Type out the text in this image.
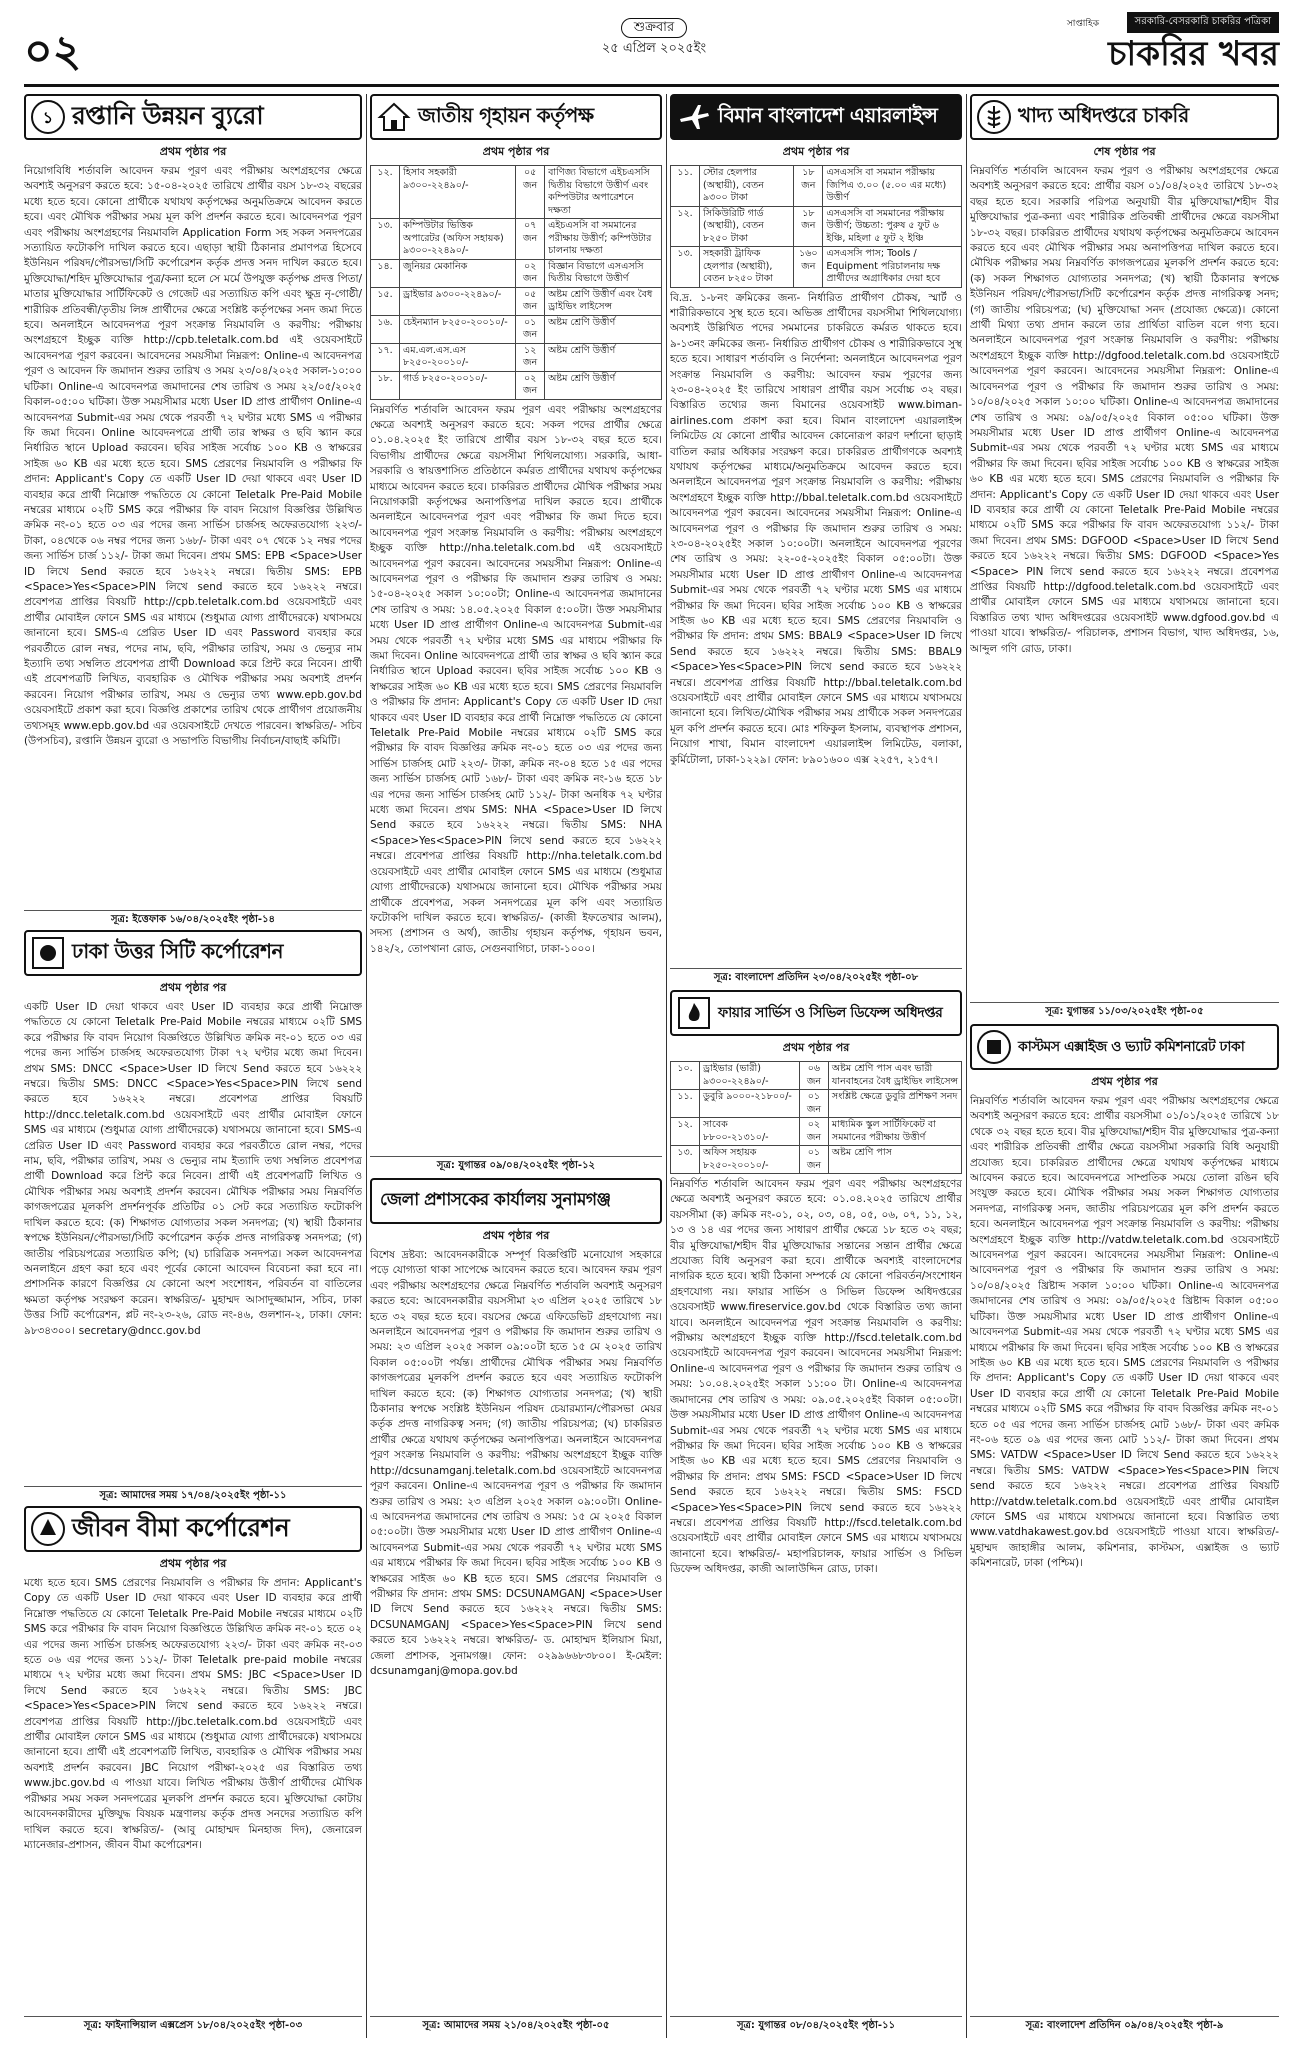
০২	শুক্রবার
২৫ এপ্রিল ২০২৫ইং
সরকারি-বেসরকারি চাকরির পত্রিকা
সাপ্তাহিক
চাকরির খবর
১ রপ্তানি উন্নয়ন ব্যুরো
প্রথম পৃষ্ঠার পর

নিয়োগবিধি শর্তাবলি আবেদন ফরম পূরণ এবং পরীক্ষায় অংশগ্রহণের ক্ষেত্রে অবশ্যই অনুসরণ করতে হবে: ১৫-০৪-২০২৫ তারিখে প্রার্থীর বয়স ১৮-৩২ বছরের মধ্যে হতে হবে। কোনো প্রার্থীকে যথাযথ কর্তৃপক্ষের অনুমতিক্রমে আবেদন করতে হবে। এবং মৌখিক পরীক্ষার সময় মূল কপি প্রদর্শন করতে হবে। আবেদনপত্র পূরণ এবং পরীক্ষায় অংশগ্রহণের নিয়মাবলি Application Form সহ সকল সনদপত্রের সত্যায়িত ফটোকপি দাখিল করতে হবে। এছাড়া স্থায়ী ঠিকানার প্রমাণপত্র হিসেবে ইউনিয়ন পরিষদ/পৌরসভা/সিটি কর্পোরেশন কর্তৃক প্রদত্ত সনদ দাখিল করতে হবে। মুক্তিযোদ্ধা/শহিদ মুক্তিযোদ্ধার পুত্র/কন্যা হলে সে মর্মে উপযুক্ত কর্তৃপক্ষ প্রদত্ত পিতা/মাতার মুক্তিযোদ্ধার সার্টিফিকেট ও গেজেট এর সত্যায়িত কপি এবং ক্ষুদ্র নৃ-গোষ্ঠী/শারীরিক প্রতিবন্ধী/তৃতীয় লিঙ্গ প্রার্থীদের ক্ষেত্রে সংশ্লিষ্ট কর্তৃপক্ষের সনদ জমা দিতে হবে। অনলাইনে আবেদনপত্র পূরণ সংক্রান্ত নিয়মাবলি ও করণীয়: পরীক্ষায় অংশগ্রহণে ইচ্ছুক ব্যক্তি http://cpb.teletalk.com.bd এই ওয়েবসাইটে আবেদনপত্র পূরণ করবেন। আবেদনের সময়সীমা নিম্নরূপ: Online-এ আবেদনপত্র পূরণ ও আবেদন ফি জমাদান শুরুর তারিখ ও সময় ২৩/০৪/২০২৫ সকাল-১০:০০ ঘটিকা। Online-এ আবেদনপত্র জমাদানের শেষ তারিখ ও সময় ২২/০৫/২০২৫ বিকাল-০৫:০০ ঘটিকা। উক্ত সময়সীমার মধ্যে User ID প্রাপ্ত প্রার্থীগণ Online-এ আবেদনপত্র Submit-এর সময় থেকে পরবর্তী ৭২ ঘণ্টার মধ্যে SMS এ পরীক্ষার ফি জমা দিবেন। Online আবেদনপত্রে প্রার্থী তার স্বাক্ষর ও ছবি স্ক্যান করে নির্ধারিত স্থানে Upload করবেন। ছবির সাইজ সর্বোচ্চ ১০০ KB ও স্বাক্ষরের সাইজ ৬০ KB এর মধ্যে হতে হবে। SMS প্রেরণের নিয়মাবলি ও পরীক্ষার ফি প্রদান: Applicant's Copy তে একটি User ID দেয়া থাকবে এবং User ID ব্যবহার করে প্রার্থী নিম্নোক্ত পদ্ধতিতে যে কোনো Teletalk Pre-Paid Mobile নম্বরের মাধ্যমে ০২টি SMS করে পরীক্ষার ফি বাবদ নিয়োগ বিজ্ঞপ্তির উল্লিখিত ক্রমিক নং-০১ হতে ০৩ এর পদের জন্য সার্ভিস চার্জসহ অফেরতযোগ্য ২২৩/- টাকা, ০৪থেকে ০৬ নম্বর পদের জন্য ১৬৮/- টাকা এবং ০৭ থেকে ১২ নম্বর পদের জন্য সার্ভিস চার্জ ১১২/- টাকা জমা দিবেন। প্রথম SMS: EPB <Space>User ID লিখে Send করতে হবে ১৬২২২ নম্বরে। দ্বিতীয় SMS: EPB <Space>Yes<Space>PIN লিখে send করতে হবে ১৬২২২ নম্বরে। প্রবেশপত্র প্রাপ্তির বিষয়টি http://cpb.teletalk.com.bd ওয়েবসাইটে এবং প্রার্থীর মোবাইল ফোনে SMS এর মাধ্যমে (শুধুমাত্র যোগ্য প্রার্থীদেরকে) যথাসময়ে জানানো হবে। SMS-এ প্রেরিত User ID এবং Password ব্যবহার করে পরবর্তীতে রোল নম্বর, পদের নাম, ছবি, পরীক্ষার তারিখ, সময় ও ভেন্যুর নাম ইত্যাদি তথ্য সম্বলিত প্রবেশপত্র প্রার্থী Download করে প্রিন্ট করে নিবেন। প্রার্থী এই প্রবেশপত্রটি লিখিত, ব্যবহারিক ও মৌখিক পরীক্ষার সময় অবশ্যই প্রদর্শন করবেন। নিয়োগ পরীক্ষার তারিখ, সময় ও ভেন্যুর তথ্য www.epb.gov.bd ওয়েবসাইটে প্রকাশ করা হবে। বিজ্ঞপ্তি প্রকাশের তারিখ থেকে প্রার্থীগণ প্রয়োজনীয় তথ্যসমূহ www.epb.gov.bd এর ওয়েবসাইটে দেখতে পারবেন। স্বাক্ষরিত/- সচিব (উপসচিব), রপ্তানি উন্নয়ন ব্যুরো ও সভাপতি বিভাগীয় নির্বাচন/বাছাই কমিটি।

সূত্র: ইত্তেফাক ১৬/০৪/২০২৫ইং পৃষ্ঠা-১৪
ঢাকা উত্তর সিটি কর্পোরেশন
প্রথম পৃষ্ঠার পর

একটি User ID দেয়া থাকবে এবং User ID ব্যবহার করে প্রার্থী নিম্নোক্ত পদ্ধতিতে যে কোনো Teletalk Pre-Paid Mobile নম্বরের মাধ্যমে ০২টি SMS করে পরীক্ষার ফি বাবদ নিয়োগ বিজ্ঞপ্তিতে উল্লিখিত ক্রমিক নং-০১ হতে ০৩ এর পদের জন্য সার্ভিস চার্জসহ অফেরতযোগ্য টাকা ৭২ ঘণ্টার মধ্যে জমা দিবেন। প্রথম SMS: DNCC <Space>User ID লিখে Send করতে হবে ১৬২২২ নম্বরে। দ্বিতীয় SMS: DNCC <Space>Yes<Space>PIN লিখে send করতে হবে ১৬২২২ নম্বরে। প্রবেশপত্র প্রাপ্তির বিষয়টি http://dncc.teletalk.com.bd ওয়েবসাইটে এবং প্রার্থীর মোবাইল ফোনে SMS এর মাধ্যমে (শুধুমাত্র যোগ্য প্রার্থীদেরকে) যথাসময়ে জানানো হবে। SMS-এ প্রেরিত User ID এবং Password ব্যবহার করে পরবর্তীতে রোল নম্বর, পদের নাম, ছবি, পরীক্ষার তারিখ, সময় ও ভেন্যুর নাম ইত্যাদি তথ্য সম্বলিত প্রবেশপত্র প্রার্থী Download করে প্রিন্ট করে নিবেন। প্রার্থী এই প্রবেশপত্রটি লিখিত ও মৌখিক পরীক্ষার সময় অবশ্যই প্রদর্শন করবেন। মৌখিক পরীক্ষার সময় নিম্নবর্ণিত কাগজপত্রের মূলকপি প্রদর্শনপূর্বক প্রতিটির ০১ সেট করে সত্যায়িত ফটোকপি দাখিল করতে হবে: (ক) শিক্ষাগত যোগ্যতার সকল সনদপত্র; (খ) স্থায়ী ঠিকানার স্বপক্ষে ইউনিয়ন/পৌরসভা/সিটি কর্পোরেশন কর্তৃক প্রদত্ত নাগরিকত্ব সনদপত্র; (গ) জাতীয় পরিচয়পত্রের সত্যায়িত কপি; (ঘ) চারিত্রিক সনদপত্র। সকল আবেদনপত্র অনলাইনে গ্রহণ করা হবে এবং পূর্বের কোনো আবেদন বিবেচনা করা হবে না। প্রশাসনিক কারণে বিজ্ঞপ্তির যে কোনো অংশ সংশোধন, পরিবর্তন বা বাতিলের ক্ষমতা কর্তৃপক্ষ সংরক্ষণ করেন। স্বাক্ষরিত/- মুহাম্মদ আসাদুজ্জামান, সচিব, ঢাকা উত্তর সিটি কর্পোরেশন, প্লট নং-২৩-২৬, রোড নং-৪৬, গুলশান-২, ঢাকা। ফোন: ৯৮৩৪৩০০। secretary@dncc.gov.bd

সূত্র: আমাদের সময় ১৭/০৪/২০২৫ইং পৃষ্ঠা-১১
জীবন বীমা কর্পোরেশন
প্রথম পৃষ্ঠার পর

মধ্যে হতে হবে। SMS প্রেরণের নিয়মাবলি ও পরীক্ষার ফি প্রদান: Applicant's Copy তে একটি User ID দেয়া থাকবে এবং User ID ব্যবহার করে প্রার্থী নিম্নোক্ত পদ্ধতিতে যে কোনো Teletalk Pre-Paid Mobile নম্বরের মাধ্যমে ০২টি SMS করে পরীক্ষার ফি বাবদ নিয়োগ বিজ্ঞপ্তিতে উল্লিখিত ক্রমিক নং-০১ হতে ০২ এর পদের জন্য সার্ভিস চার্জসহ অফেরতযোগ্য ২২৩/- টাকা এবং ক্রমিক নং-০৩ হতে ০৬ এর পদের জন্য ১১২/- টাকা Teletalk pre-paid mobile নম্বরের মাধ্যমে ৭২ ঘণ্টার মধ্যে জমা দিবেন। প্রথম SMS: JBC <Space>User ID লিখে Send করতে হবে ১৬২২২ নম্বরে। দ্বিতীয় SMS: JBC <Space>Yes<Space>PIN লিখে send করতে হবে ১৬২২২ নম্বরে। প্রবেশপত্র প্রাপ্তির বিষয়টি http://jbc.teletalk.com.bd ওয়েবসাইটে এবং প্রার্থীর মোবাইল ফোনে SMS এর মাধ্যমে (শুধুমাত্র যোগ্য প্রার্থীদেরকে) যথাসময়ে জানানো হবে। প্রার্থী এই প্রবেশপত্রটি লিখিত, ব্যবহারিক ও মৌখিক পরীক্ষার সময় অবশ্যই প্রদর্শন করবেন। JBC নিয়োগ পরীক্ষা-২০২৫ এর বিস্তারিত তথ্য www.jbc.gov.bd এ পাওয়া যাবে। লিখিত পরীক্ষায় উত্তীর্ণ প্রার্থীদের মৌখিক পরীক্ষার সময় সকল সনদপত্রের মূলকপি প্রদর্শন করতে হবে। মুক্তিযোদ্ধা কোটায় আবেদনকারীদের মুক্তিযুদ্ধ বিষয়ক মন্ত্রণালয় কর্তৃক প্রদত্ত সনদের সত্যায়িত কপি দাখিল করতে হবে। স্বাক্ষরিত/- (আবু মোহাম্মদ মিনহাজ দিদ), জেনারেল ম্যানেজার-প্রশাসন, জীবন বীমা কর্পোরেশন।

সূত্র: ফাইনান্সিয়াল এক্সপ্রেস ১৮/০৪/২০২৫ইং পৃষ্ঠা-০৩
জাতীয় গৃহায়ন কর্তৃপক্ষ
প্রথম পৃষ্ঠার পর
১২.	হিসাব সহকারী ৯৩০০-২২৪৯০/-	০৫ জন	বাণিজ্য বিভাগে এইচএসসি দ্বিতীয় বিভাগে উত্তীর্ণ এবং কম্পিউটার অপারেশনে দক্ষতা
১৩.	কম্পিউটার ভিত্তিক অপারেটর (অফিস সহায়ক) ৯৩০০-২২৪৯০/-	০৭ জন	এইচএসসি বা সমমানের পরীক্ষায় উত্তীর্ণ; কম্পিউটার চালনায় দক্ষতা
১৪.	জুনিয়র মেকানিক	০২ জন	বিজ্ঞান বিভাগে এসএসসি দ্বিতীয় বিভাগে উত্তীর্ণ
১৫.	ড্রাইভার ৯৩০০-২২৪৯০/-	০৫ জন	অষ্টম শ্রেণি উত্তীর্ণ এবং বৈধ ড্রাইভিং লাইসেন্স
১৬.	চেইনম্যান ৮২৫০-২০০১০/-	০১ জন	অষ্টম শ্রেণি উত্তীর্ণ
১৭.	এম.এল.এস.এস ৮২৫০-২০০১০/-	১২ জন	অষ্টম শ্রেণি উত্তীর্ণ
১৮.	গার্ড ৮২৫০-২০০১০/-	০২ জন	অষ্টম শ্রেণি উত্তীর্ণ

নিম্নবর্ণিত শর্তাবলি আবেদন ফরম পূরণ এবং পরীক্ষায় অংশগ্রহণের ক্ষেত্রে অবশ্যই অনুসরণ করতে হবে: সকল পদের প্রার্থীর ক্ষেত্রে ০১.০৪.২০২৫ ইং তারিখে প্রার্থীর বয়স ১৮-৩২ বছর হতে হবে। বিভাগীয় প্রার্থীদের ক্ষেত্রে বয়সসীমা শিথিলযোগ্য। সরকারি, আধা-সরকারি ও স্বায়ত্তশাসিত প্রতিষ্ঠানে কর্মরত প্রার্থীদের যথাযথ কর্তৃপক্ষের মাধ্যমে আবেদন করতে হবে। চাকরিরত প্রার্থীদের মৌখিক পরীক্ষার সময় নিয়োগকারী কর্তৃপক্ষের অনাপত্তিপত্র দাখিল করতে হবে। প্রার্থীকে অনলাইনে আবেদনপত্র পূরণ এবং পরীক্ষার ফি জমা দিতে হবে। আবেদনপত্র পূরণ সংক্রান্ত নিয়মাবলি ও করণীয়: পরীক্ষায় অংশগ্রহণে ইচ্ছুক ব্যক্তি http://nha.teletalk.com.bd এই ওয়েবসাইটে আবেদনপত্র পূরণ করবেন। আবেদনের সময়সীমা নিম্নরূপ: Online-এ আবেদনপত্র পূরণ ও পরীক্ষার ফি জমাদান শুরুর তারিখ ও সময়: ১৫-০৪-২০২৫ সকাল ১০:০০টা; Online-এ আবেদনপত্র জমাদানের শেষ তারিখ ও সময়: ১৪.০৫.২০২৫ বিকাল ৫:০০টা। উক্ত সময়সীমার মধ্যে User ID প্রাপ্ত প্রার্থীগণ Online-এ আবেদনপত্র Submit-এর সময় থেকে পরবর্তী ৭২ ঘণ্টার মধ্যে SMS এর মাধ্যমে পরীক্ষার ফি জমা দিবেন। Online আবেদনপত্রে প্রার্থী তার স্বাক্ষর ও ছবি স্ক্যান করে নির্ধারিত স্থানে Upload করবেন। ছবির সাইজ সর্বোচ্চ ১০০ KB ও স্বাক্ষরের সাইজ ৬০ KB এর মধ্যে হতে হবে। SMS প্রেরণের নিয়মাবলি ও পরীক্ষার ফি প্রদান: Applicant's Copy তে একটি User ID দেয়া থাকবে এবং User ID ব্যবহার করে প্রার্থী নিম্নোক্ত পদ্ধতিতে যে কোনো Teletalk Pre-Paid Mobile নম্বরের মাধ্যমে ০২টি SMS করে পরীক্ষার ফি বাবদ বিজ্ঞপ্তির ক্রমিক নং-০১ হতে ০৩ এর পদের জন্য সার্ভিস চার্জসহ মোট ২২৩/- টাকা, ক্রমিক নং-০৪ হতে ১৫ এর পদের জন্য সার্ভিস চার্জসহ মোট ১৬৮/- টাকা এবং ক্রমিক নং-১৬ হতে ১৮ এর পদের জন্য সার্ভিস চার্জসহ মোট ১১২/- টাকা অনধিক ৭২ ঘণ্টার মধ্যে জমা দিবেন। প্রথম SMS: NHA <Space>User ID লিখে Send করতে হবে ১৬২২২ নম্বরে। দ্বিতীয় SMS: NHA <Space>Yes<Space>PIN লিখে send করতে হবে ১৬২২২ নম্বরে। প্রবেশপত্র প্রাপ্তির বিষয়টি http://nha.teletalk.com.bd ওয়েবসাইটে এবং প্রার্থীর মোবাইল ফোনে SMS এর মাধ্যমে (শুধুমাত্র যোগ্য প্রার্থীদেরকে) যথাসময়ে জানানো হবে। মৌখিক পরীক্ষার সময় প্রার্থীকে প্রবেশপত্র, সকল সনদপত্রের মূল কপি এবং সত্যায়িত ফটোকপি দাখিল করতে হবে। স্বাক্ষরিত/- (কাজী ইফতেখার আলম), সদস্য (প্রশাসন ও অর্থ), জাতীয় গৃহায়ন কর্তৃপক্ষ, গৃহায়ন ভবন, ১৪২/২, তোপখানা রোড, সেগুনবাগিচা, ঢাকা-১০০০।

সূত্র: যুগান্তর ০৯/০৪/২০২৫ইং পৃষ্ঠা-১২
জেলা প্রশাসকের কার্যালয় সুনামগঞ্জ
প্রথম পৃষ্ঠার পর

বিশেষ দ্রষ্টব্য: আবেদনকারীকে সম্পূর্ণ বিজ্ঞপ্তিটি মনোযোগ সহকারে পড়ে যোগ্যতা থাকা সাপেক্ষে আবেদন করতে হবে। আবেদন ফরম পূরণ এবং পরীক্ষায় অংশগ্রহণের ক্ষেত্রে নিম্নবর্ণিত শর্তাবলি অবশ্যই অনুসরণ করতে হবে: আবেদনকারীর বয়সসীমা ২৩ এপ্রিল ২০২৫ তারিখে ১৮ হতে ৩২ বছর হতে হবে। বয়সের ক্ষেত্রে এফিডেভিট গ্রহণযোগ্য নয়। অনলাইনে আবেদনপত্র পূরণ ও পরীক্ষার ফি জমাদান শুরুর তারিখ ও সময়: ২৩ এপ্রিল ২০২৫ সকাল ০৯:০০টা হতে ১৫ মে ২০২৫ তারিখ বিকাল ০৫:০০টা পর্যন্ত। প্রার্থীদের মৌখিক পরীক্ষার সময় নিম্নবর্ণিত কাগজপত্রের মূলকপি প্রদর্শন করতে হবে এবং সত্যায়িত ফটোকপি দাখিল করতে হবে: (ক) শিক্ষাগত যোগ্যতার সনদপত্র; (খ) স্থায়ী ঠিকানার স্বপক্ষে সংশ্লিষ্ট ইউনিয়ন পরিষদ চেয়ারম্যান/পৌরসভা মেয়র কর্তৃক প্রদত্ত নাগরিকত্ব সনদ; (গ) জাতীয় পরিচয়পত্র; (ঘ) চাকরিরত প্রার্থীর ক্ষেত্রে যথাযথ কর্তৃপক্ষের অনাপত্তিপত্র। অনলাইনে আবেদনপত্র পূরণ সংক্রান্ত নিয়মাবলি ও করণীয়: পরীক্ষায় অংশগ্রহণে ইচ্ছুক ব্যক্তি http://dcsunamganj.teletalk.com.bd ওয়েবসাইটে আবেদনপত্র পূরণ করবেন। Online-এ আবেদনপত্র পূরণ ও পরীক্ষার ফি জমাদান শুরুর তারিখ ও সময়: ২৩ এপ্রিল ২০২৫ সকাল ০৯:০০টা। Online-এ আবেদনপত্র জমাদানের শেষ তারিখ ও সময়: ১৫ মে ২০২৫ বিকাল ০৫:০০টা। উক্ত সময়সীমার মধ্যে User ID প্রাপ্ত প্রার্থীগণ Online-এ আবেদনপত্র Submit-এর সময় থেকে পরবর্তী ৭২ ঘণ্টার মধ্যে SMS এর মাধ্যমে পরীক্ষার ফি জমা দিবেন। ছবির সাইজ সর্বোচ্চ ১০০ KB ও স্বাক্ষরের সাইজ ৬০ KB হতে হবে। SMS প্রেরণের নিয়মাবলি ও পরীক্ষার ফি প্রদান: প্রথম SMS: DCSUNAMGANJ <Space>User ID লিখে Send করতে হবে ১৬২২২ নম্বরে। দ্বিতীয় SMS: DCSUNAMGANJ <Space>Yes<Space>PIN লিখে send করতে হবে ১৬২২২ নম্বরে। স্বাক্ষরিত/- ড. মোহাম্মদ ইলিয়াস মিয়া, জেলা প্রশাসক, সুনামগঞ্জ। ফোন: ০২৯৯৬৬৮৩৮০০। ই-মেইল: dcsunamganj@mopa.gov.bd

সূত্র: আমাদের সময় ২১/০৪/২০২৫ইং পৃষ্ঠা-০৫
বিমান বাংলাদেশ এয়ারলাইন্স
প্রথম পৃষ্ঠার পর
১১.	স্টোর হেলপার (অস্থায়ী), বেতন ৯৩০০ টাকা	১৮ জন	এসএসসি বা সমমান পরীক্ষায় জিপিএ ৩.০০ (৫.০০ এর মধ্যে) উত্তীর্ণ
১২.	সিকিউরিটি গার্ড (অস্থায়ী), বেতন ৮২৫০ টাকা	১৮ জন	এসএসসি বা সমমানের পরীক্ষায় উত্তীর্ণ; উচ্চতা: পুরুষ ৫ ফুট ৬ ইঞ্চি, মহিলা ৫ ফুট ২ ইঞ্চি
১৩.	সহকারী ট্রাফিক হেলপার (অস্থায়ী), বেতন ৮২৫০ টাকা	১৬০ জন	এসএসসি পাস; Tools / Equipment পরিচালনায় দক্ষ প্রার্থীদের অগ্রাধিকার দেয়া হবে

বি.দ্র. ১-৮নং ক্রমিকের জন্য- নির্ধারিত প্রার্থীগণ চৌকষ, স্মার্ট ও শারীরিকভাবে সুস্থ হতে হবে। অভিজ্ঞ প্রার্থীদের বয়সসীমা শিথিলযোগ্য। অবশ্যই উল্লিখিত পদের সমমানের চাকরিতে কর্মরত থাকতে হবে। ৯-১৩নং ক্রমিকের জন্য- নির্ধারিত প্রার্থীগণ চৌকষ ও শারীরিকভাবে সুস্থ হতে হবে। সাধারণ শর্তাবলি ও নির্দেশনা: অনলাইনে আবেদনপত্র পূরণ সংক্রান্ত নিয়মাবলি ও করণীয়: আবেদন ফরম পূরণের জন্য ২৩-০৪-২০২৫ ইং তারিখে সাধারণ প্রার্থীর বয়স সর্বোচ্চ ৩২ বছর। বিস্তারিত তথ্যের জন্য বিমানের ওয়েবসাইট www.biman-airlines.com প্রকাশ করা হবে। বিমান বাংলাদেশ এয়ারলাইন্স লিমিটেড যে কোনো প্রার্থীর আবেদন কোনোরূপ কারণ দর্শানো ছাড়াই বাতিল করার অধিকার সংরক্ষণ করে। চাকরিরত প্রার্থীগণকে অবশ্যই যথাযথ কর্তৃপক্ষের মাধ্যমে/অনুমতিক্রমে আবেদন করতে হবে। অনলাইনে আবেদনপত্র পূরণ সংক্রান্ত নিয়মাবলি ও করণীয়: পরীক্ষায় অংশগ্রহণে ইচ্ছুক ব্যক্তি http://bbal.teletalk.com.bd ওয়েবসাইটে আবেদনপত্র পূরণ করবেন। আবেদনের সময়সীমা নিম্নরূপ: Online-এ আবেদনপত্র পূরণ ও পরীক্ষার ফি জমাদান শুরুর তারিখ ও সময়: ২৩-০৪-২০২৫ইং সকাল ১০:০০টা। অনলাইনে আবেদনপত্র পূরণের শেষ তারিখ ও সময়: ২২-০৫-২০২৫ইং বিকাল ০৫:০০টা। উক্ত সময়সীমার মধ্যে User ID প্রাপ্ত প্রার্থীগণ Online-এ আবেদনপত্র Submit-এর সময় থেকে পরবর্তী ৭২ ঘণ্টার মধ্যে SMS এর মাধ্যমে পরীক্ষার ফি জমা দিবেন। ছবির সাইজ সর্বোচ্চ ১০০ KB ও স্বাক্ষরের সাইজ ৬০ KB এর মধ্যে হতে হবে। SMS প্রেরণের নিয়মাবলি ও পরীক্ষার ফি প্রদান: প্রথম SMS: BBAL9 <Space>User ID লিখে Send করতে হবে ১৬২২২ নম্বরে। দ্বিতীয় SMS: BBAL9 <Space>Yes<Space>PIN লিখে send করতে হবে ১৬২২২ নম্বরে। প্রবেশপত্র প্রাপ্তির বিষয়টি http://bbal.teletalk.com.bd ওয়েবসাইটে এবং প্রার্থীর মোবাইল ফোনে SMS এর মাধ্যমে যথাসময়ে জানানো হবে। লিখিত/মৌখিক পরীক্ষার সময় প্রার্থীকে সকল সনদপত্রের মূল কপি প্রদর্শন করতে হবে। মোঃ শফিকুল ইসলাম, ব্যবস্থাপক প্রশাসন, নিয়োগ শাখা, বিমান বাংলাদেশ এয়ারলাইন্স লিমিটেড, বলাকা, কুর্মিটোলা, ঢাকা-১২২৯। ফোন: ৮৯০১৬০০ এক্স ২২৫৭, ২১৫৭।

সূত্র: বাংলাদেশ প্রতিদিন ২৩/০৪/২০২৫ইং পৃষ্ঠা-০৮
ফায়ার সার্ভিস ও সিভিল ডিফেন্স অধিদপ্তর
প্রথম পৃষ্ঠার পর
১০.	ড্রাইভার (ভারী) ৯৩০০-২২৪৯০/-	০৬ জন	অষ্টম শ্রেণি পাস এবং ভারী যানবাহনের বৈধ ড্রাইভিং লাইসেন্স
১১.	ডুবুরি ৯০০০-২১৮০০/-	০১ জন	সংশ্লিষ্ট ক্ষেত্রে ডুবুরি প্রশিক্ষণ সনদ
১২.	সাবেক ৮৮০০-২১৩১০/-	০২ জন	মাধ্যমিক স্কুল সার্টিফিকেট বা সমমানের পরীক্ষায় উত্তীর্ণ
১৩.	অফিস সহায়ক ৮২৫০-২০০১০/-	০১ জন	অষ্টম শ্রেণি পাস

নিম্নবর্ণিত শর্তাবলি আবেদন ফরম পূরণ এবং পরীক্ষায় অংশগ্রহণের ক্ষেত্রে অবশ্যই অনুসরণ করতে হবে: ০১.০৪.২০২৫ তারিখে প্রার্থীর বয়সসীমা (ক) ক্রমিক নং-০১, ০২, ০৩, ০৪, ০৫, ০৬, ০৭, ১১, ১২, ১৩ ও ১৪ এর পদের জন্য সাধারণ প্রার্থীর ক্ষেত্রে ১৮ হতে ৩২ বছর; বীর মুক্তিযোদ্ধা/শহীদ বীর মুক্তিযোদ্ধার সন্তানের সন্তান প্রার্থীর ক্ষেত্রে প্রযোজ্য বিধি অনুসরণ করা হবে। প্রার্থীকে অবশ্যই বাংলাদেশের নাগরিক হতে হবে। স্থায়ী ঠিকানা সম্পর্কে যে কোনো পরিবর্তন/সংশোধন গ্রহণযোগ্য নয়। ফায়ার সার্ভিস ও সিভিল ডিফেন্স অধিদপ্তরের ওয়েবসাইট www.fireservice.gov.bd থেকে বিস্তারিত তথ্য জানা যাবে। অনলাইনে আবেদনপত্র পূরণ সংক্রান্ত নিয়মাবলি ও করণীয়: পরীক্ষায় অংশগ্রহণে ইচ্ছুক ব্যক্তি http://fscd.teletalk.com.bd ওয়েবসাইটে আবেদনপত্র পূরণ করবেন। আবেদনের সময়সীমা নিম্নরূপ: Online-এ আবেদনপত্র পূরণ ও পরীক্ষার ফি জমাদান শুরুর তারিখ ও সময়: ১০.০৪.২০২৫ইং সকাল ১১:০০ টা। Online-এ আবেদনপত্র জমাদানের শেষ তারিখ ও সময়: ০৯.০৫.২০২৫ইং বিকাল ০৫:০০টা। উক্ত সময়সীমার মধ্যে User ID প্রাপ্ত প্রার্থীগণ Online-এ আবেদনপত্র Submit-এর সময় থেকে পরবর্তী ৭২ ঘণ্টার মধ্যে SMS এর মাধ্যমে পরীক্ষার ফি জমা দিবেন। ছবির সাইজ সর্বোচ্চ ১০০ KB ও স্বাক্ষরের সাইজ ৬০ KB এর মধ্যে হতে হবে। SMS প্রেরণের নিয়মাবলি ও পরীক্ষার ফি প্রদান: প্রথম SMS: FSCD <Space>User ID লিখে Send করতে হবে ১৬২২২ নম্বরে। দ্বিতীয় SMS: FSCD <Space>Yes<Space>PIN লিখে send করতে হবে ১৬২২২ নম্বরে। প্রবেশপত্র প্রাপ্তির বিষয়টি http://fscd.teletalk.com.bd ওয়েবসাইটে এবং প্রার্থীর মোবাইল ফোনে SMS এর মাধ্যমে যথাসময়ে জানানো হবে। স্বাক্ষরিত/- মহাপরিচালক, ফায়ার সার্ভিস ও সিভিল ডিফেন্স অধিদপ্তর, কাজী আলাউদ্দিন রোড, ঢাকা।

সূত্র: যুগান্তর ০৮/০৪/২০২৫ইং পৃষ্ঠা-১১
খাদ্য অধিদপ্তরে চাকরি
শেষ পৃষ্ঠার পর

নিম্নবর্ণিত শর্তাবলি আবেদন ফরম পূরণ ও পরীক্ষায় অংশগ্রহণের ক্ষেত্রে অবশ্যই অনুসরণ করতে হবে: প্রার্থীর বয়স ০১/০৪/২০২৫ তারিখে ১৮-৩২ বছর হতে হবে। সরকারি পরিপত্র অনুযায়ী বীর মুক্তিযোদ্ধা/শহীদ বীর মুক্তিযোদ্ধার পুত্র-কন্যা এবং শারীরিক প্রতিবন্ধী প্রার্থীদের ক্ষেত্রে বয়সসীমা ১৮-৩২ বছর। চাকরিরত প্রার্থীদের যথাযথ কর্তৃপক্ষের অনুমতিক্রমে আবেদন করতে হবে এবং মৌখিক পরীক্ষার সময় অনাপত্তিপত্র দাখিল করতে হবে। মৌখিক পরীক্ষার সময় নিম্নবর্ণিত কাগজপত্রের মূলকপি প্রদর্শন করতে হবে: (ক) সকল শিক্ষাগত যোগ্যতার সনদপত্র; (খ) স্থায়ী ঠিকানার স্বপক্ষে ইউনিয়ন পরিষদ/পৌরসভা/সিটি কর্পোরেশন কর্তৃক প্রদত্ত নাগরিকত্ব সনদ; (গ) জাতীয় পরিচয়পত্র; (ঘ) মুক্তিযোদ্ধা সনদ (প্রযোজ্য ক্ষেত্রে)। কোনো প্রার্থী মিথ্যা তথ্য প্রদান করলে তার প্রার্থিতা বাতিল বলে গণ্য হবে। অনলাইনে আবেদনপত্র পূরণ সংক্রান্ত নিয়মাবলি ও করণীয়: পরীক্ষায় অংশগ্রহণে ইচ্ছুক ব্যক্তি http://dgfood.teletalk.com.bd ওয়েবসাইটে আবেদনপত্র পূরণ করবেন। আবেদনের সময়সীমা নিম্নরূপ: Online-এ আবেদনপত্র পূরণ ও পরীক্ষার ফি জমাদান শুরুর তারিখ ও সময়: ১০/০৪/২০২৫ সকাল ১০:০০ ঘটিকা। Online-এ আবেদনপত্র জমাদানের শেষ তারিখ ও সময়: ০৯/০৫/২০২৫ বিকাল ০৫:০০ ঘটিকা। উক্ত সময়সীমার মধ্যে User ID প্রাপ্ত প্রার্থীগণ Online-এ আবেদনপত্র Submit-এর সময় থেকে পরবর্তী ৭২ ঘণ্টার মধ্যে SMS এর মাধ্যমে পরীক্ষার ফি জমা দিবেন। ছবির সাইজ সর্বোচ্চ ১০০ KB ও স্বাক্ষরের সাইজ ৬০ KB এর মধ্যে হতে হবে। SMS প্রেরণের নিয়মাবলি ও পরীক্ষার ফি প্রদান: Applicant's Copy তে একটি User ID দেয়া থাকবে এবং User ID ব্যবহার করে প্রার্থী যে কোনো Teletalk Pre-Paid Mobile নম্বরের মাধ্যমে ০২টি SMS করে পরীক্ষার ফি বাবদ অফেরতযোগ্য ১১২/- টাকা জমা দিবেন। প্রথম SMS: DGFOOD <Space>User ID লিখে Send করতে হবে ১৬২২২ নম্বরে। দ্বিতীয় SMS: DGFOOD <Space>Yes <Space> PIN লিখে send করতে হবে ১৬২২২ নম্বরে। প্রবেশপত্র প্রাপ্তির বিষয়টি http://dgfood.teletalk.com.bd ওয়েবসাইটে এবং প্রার্থীর মোবাইল ফোনে SMS এর মাধ্যমে যথাসময়ে জানানো হবে। বিস্তারিত তথ্য খাদ্য অধিদপ্তরের ওয়েবসাইট www.dgfood.gov.bd এ পাওয়া যাবে। স্বাক্ষরিত/- পরিচালক, প্রশাসন বিভাগ, খাদ্য অধিদপ্তর, ১৬, আব্দুল গণি রোড, ঢাকা।

সূত্র: যুগান্তর ১১/০৩/২০২৫ইং পৃষ্ঠা-০৫
কাস্টমস এক্সাইজ ও ভ্যাট কমিশনারেট ঢাকা
প্রথম পৃষ্ঠার পর

নিম্নবর্ণিত শর্তাবলি আবেদন ফরম পূরণ এবং পরীক্ষায় অংশগ্রহণের ক্ষেত্রে অবশ্যই অনুসরণ করতে হবে: প্রার্থীর বয়সসীমা ০১/০১/২০২৫ তারিখে ১৮ থেকে ৩২ বছর হতে হবে। বীর মুক্তিযোদ্ধা/শহীদ বীর মুক্তিযোদ্ধার পুত্র-কন্যা এবং শারীরিক প্রতিবন্ধী প্রার্থীর ক্ষেত্রে বয়সসীমা সরকারি বিধি অনুযায়ী প্রযোজ্য হবে। চাকরিরত প্রার্থীদের ক্ষেত্রে যথাযথ কর্তৃপক্ষের মাধ্যমে আবেদন করতে হবে। আবেদনপত্রে সাম্প্রতিক সময়ে তোলা রঙিন ছবি সংযুক্ত করতে হবে। মৌখিক পরীক্ষার সময় সকল শিক্ষাগত যোগ্যতার সনদপত্র, নাগরিকত্ব সনদ, জাতীয় পরিচয়পত্রের মূল কপি প্রদর্শন করতে হবে। অনলাইনে আবেদনপত্র পূরণ সংক্রান্ত নিয়মাবলি ও করণীয়: পরীক্ষায় অংশগ্রহণে ইচ্ছুক ব্যক্তি http://vatdw.teletalk.com.bd ওয়েবসাইটে আবেদনপত্র পূরণ করবেন। আবেদনের সময়সীমা নিম্নরূপ: Online-এ আবেদনপত্র পূরণ ও পরীক্ষার ফি জমাদান শুরুর তারিখ ও সময়: ১০/০৪/২০২৫ খ্রিষ্টাব্দ সকাল ১০:০০ ঘটিকা। Online-এ আবেদনপত্র জমাদানের শেষ তারিখ ও সময়: ০৯/০৫/২০২৫ খ্রিষ্টাব্দ বিকাল ০৫:০০ ঘটিকা। উক্ত সময়সীমার মধ্যে User ID প্রাপ্ত প্রার্থীগণ Online-এ আবেদনপত্র Submit-এর সময় থেকে পরবর্তী ৭২ ঘণ্টার মধ্যে SMS এর মাধ্যমে পরীক্ষার ফি জমা দিবেন। ছবির সাইজ সর্বোচ্চ ১০০ KB ও স্বাক্ষরের সাইজ ৬০ KB এর মধ্যে হতে হবে। SMS প্রেরণের নিয়মাবলি ও পরীক্ষার ফি প্রদান: Applicant's Copy তে একটি User ID দেয়া থাকবে এবং User ID ব্যবহার করে প্রার্থী যে কোনো Teletalk Pre-Paid Mobile নম্বরের মাধ্যমে ০২টি SMS করে পরীক্ষার ফি বাবদ বিজ্ঞপ্তির ক্রমিক নং-০১ হতে ০৫ এর পদের জন্য সার্ভিস চার্জসহ মোট ১৬৮/- টাকা এবং ক্রমিক নং-০৬ হতে ০৯ এর পদের জন্য মোট ১১২/- টাকা জমা দিবেন। প্রথম SMS: VATDW <Space>User ID লিখে Send করতে হবে ১৬২২২ নম্বরে। দ্বিতীয় SMS: VATDW <Space>Yes<Space>PIN লিখে send করতে হবে ১৬২২২ নম্বরে। প্রবেশপত্র প্রাপ্তির বিষয়টি http://vatdw.teletalk.com.bd ওয়েবসাইটে এবং প্রার্থীর মোবাইল ফোনে SMS এর মাধ্যমে যথাসময়ে জানানো হবে। বিস্তারিত তথ্য www.vatdhakawest.gov.bd ওয়েবসাইটে পাওয়া যাবে। স্বাক্ষরিত/- মুহাম্মদ জাহাঙ্গীর আলম, কমিশনার, কাস্টমস, এক্সাইজ ও ভ্যাট কমিশনারেট, ঢাকা (পশ্চিম)।

সূত্র: বাংলাদেশ প্রতিদিন ০৯/০৪/২০২৫ইং পৃষ্ঠা-৯
